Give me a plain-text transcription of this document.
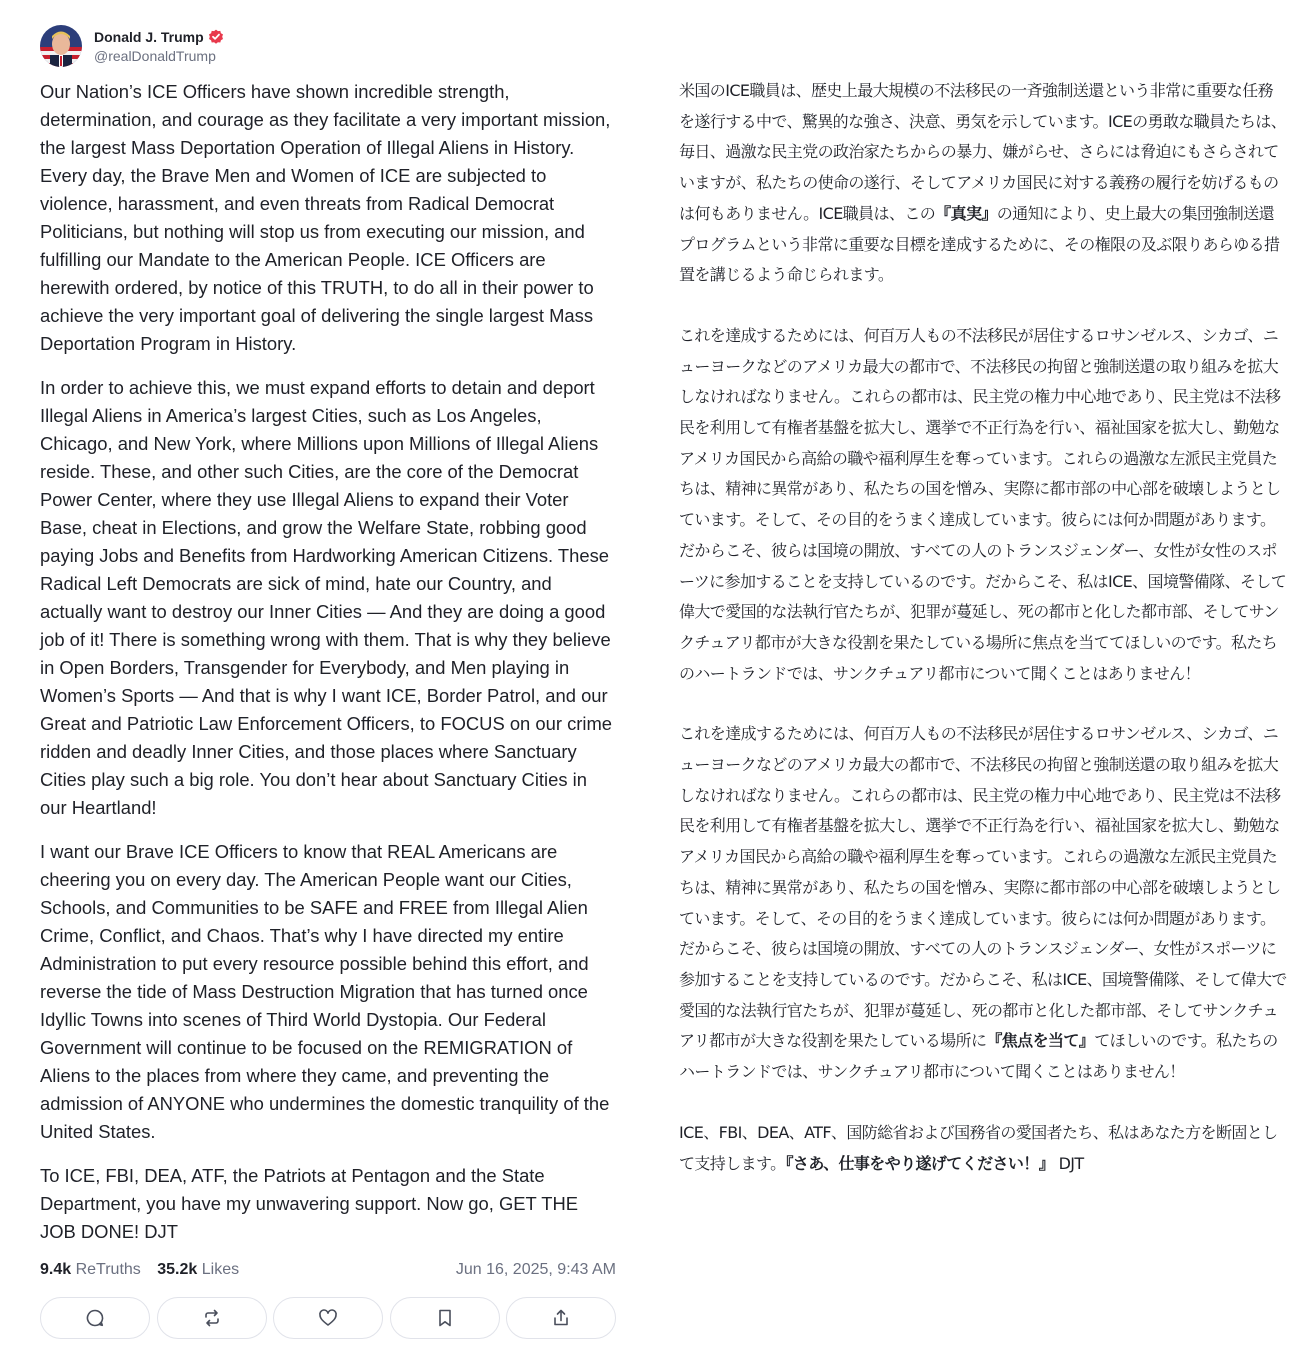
Donald J. Trump
@realDonaldTrump

Our Nation’s ICE Officers have shown incredible strength, determination, and courage as they facilitate a very important mission, the largest Mass Deportation Operation of Illegal Aliens in History. Every day, the Brave Men and Women of ICE are subjected to violence, harassment, and even threats from Radical Democrat Politicians, but nothing will stop us from executing our mission, and fulfilling our Mandate to the American People. ICE Officers are herewith ordered, by notice of this TRUTH, to do all in their power to achieve the very important goal of delivering the single largest Mass Deportation Program in History.

In order to achieve this, we must expand efforts to detain and deport Illegal Aliens in America’s largest Cities, such as Los Angeles, Chicago, and New York, where Millions upon Millions of Illegal Aliens reside. These, and other such Cities, are the core of the Democrat Power Center, where they use Illegal Aliens to expand their Voter Base, cheat in Elections, and grow the Welfare State, robbing good paying Jobs and Benefits from Hardworking American Citizens. These Radical Left Democrats are sick of mind, hate our Country, and actually want to destroy our Inner Cities — And they are doing a good job of it! There is something wrong with them. That is why they believe in Open Borders, Transgender for Everybody, and Men playing in Women’s Sports — And that is why I want ICE, Border Patrol, and our Great and Patriotic Law Enforcement Officers, to FOCUS on our crime ridden and deadly Inner Cities, and those places where Sanctuary Cities play such a big role. You don’t hear about Sanctuary Cities in our Heartland!

I want our Brave ICE Officers to know that REAL Americans are cheering you on every day. The American People want our Cities, Schools, and Communities to be SAFE and FREE from Illegal Alien Crime, Conflict, and Chaos. That’s why I have directed my entire Administration to put every resource possible behind this effort, and reverse the tide of Mass Destruction Migration that has turned once Idyllic Towns into scenes of Third World Dystopia. Our Federal Government will continue to be focused on the REMIGRATION of Aliens to the places from where they came, and preventing the admission of ANYONE who undermines the domestic tranquility of the United States.

To ICE, FBI, DEA, ATF, the Patriots at Pentagon and the State Department, you have my unwavering support. Now go, GET THE JOB DONE! DJT

9.4k ReTruths 35.2k Likes	Jun 16, 2025, 9:43 AM

米国のICE職員は、歴史上最大規模の不法移民の一斉強制送還という非常に重要な任務を遂行する中で、驚異的な強さ、決意、勇気を示しています。ICEの勇敢な職員たちは、毎日、過激な民主党の政治家たちからの暴力、嫌がらせ、さらには脅迫にもさらされていますが、私たちの使命の遂行、そしてアメリカ国民に対する義務の履行を妨げるものは何もありません。ICE職員は、この『真実』の通知により、史上最大の集団強制送還プログラムという非常に重要な目標を達成するために、その権限の及ぶ限りあらゆる措置を講じるよう命じられます。

これを達成するためには、何百万人もの不法移民が居住するロサンゼルス、シカゴ、ニューヨークなどのアメリカ最大の都市で、不法移民の拘留と強制送還の取り組みを拡大しなければなりません。これらの都市は、民主党の権力中心地であり、民主党は不法移民を利用して有権者基盤を拡大し、選挙で不正行為を行い、福祉国家を拡大し、勤勉なアメリカ国民から高給の職や福利厚生を奪っています。これらの過激な左派民主党員たちは、精神に異常があり、私たちの国を憎み、実際に都市部の中心部を破壊しようとしています。そして、その目的をうまく達成しています。彼らには何か問題があります。だからこそ、彼らは国境の開放、すべての人のトランスジェンダー、女性が女性のスポーツに参加することを支持しているのです。だからこそ、私はICE、国境警備隊、そして偉大で愛国的な法執行官たちが、犯罪が蔓延し、死の都市と化した都市部、そしてサンクチュアリ都市が大きな役割を果たしている場所に焦点を当ててほしいのです。私たちのハートランドでは、サンクチュアリ都市について聞くことはありません！

これを達成するためには、何百万人もの不法移民が居住するロサンゼルス、シカゴ、ニューヨークなどのアメリカ最大の都市で、不法移民の拘留と強制送還の取り組みを拡大しなければなりません。これらの都市は、民主党の権力中心地であり、民主党は不法移民を利用して有権者基盤を拡大し、選挙で不正行為を行い、福祉国家を拡大し、勤勉なアメリカ国民から高給の職や福利厚生を奪っています。これらの過激な左派民主党員たちは、精神に異常があり、私たちの国を憎み、実際に都市部の中心部を破壊しようとしています。そして、その目的をうまく達成しています。彼らには何か問題があります。だからこそ、彼らは国境の開放、すべての人のトランスジェンダー、女性がスポーツに参加することを支持しているのです。だからこそ、私はICE、国境警備隊、そして偉大で愛国的な法執行官たちが、犯罪が蔓延し、死の都市と化した都市部、そしてサンクチュアリ都市が大きな役割を果たしている場所に『焦点を当て』てほしいのです。私たちのハートランドでは、サンクチュアリ都市について聞くことはありません！

ICE、FBI、DEA、ATF、国防総省および国務省の愛国者たち、私はあなた方を断固として支持します。『さあ、仕事をやり遂げてください！』 DJT
